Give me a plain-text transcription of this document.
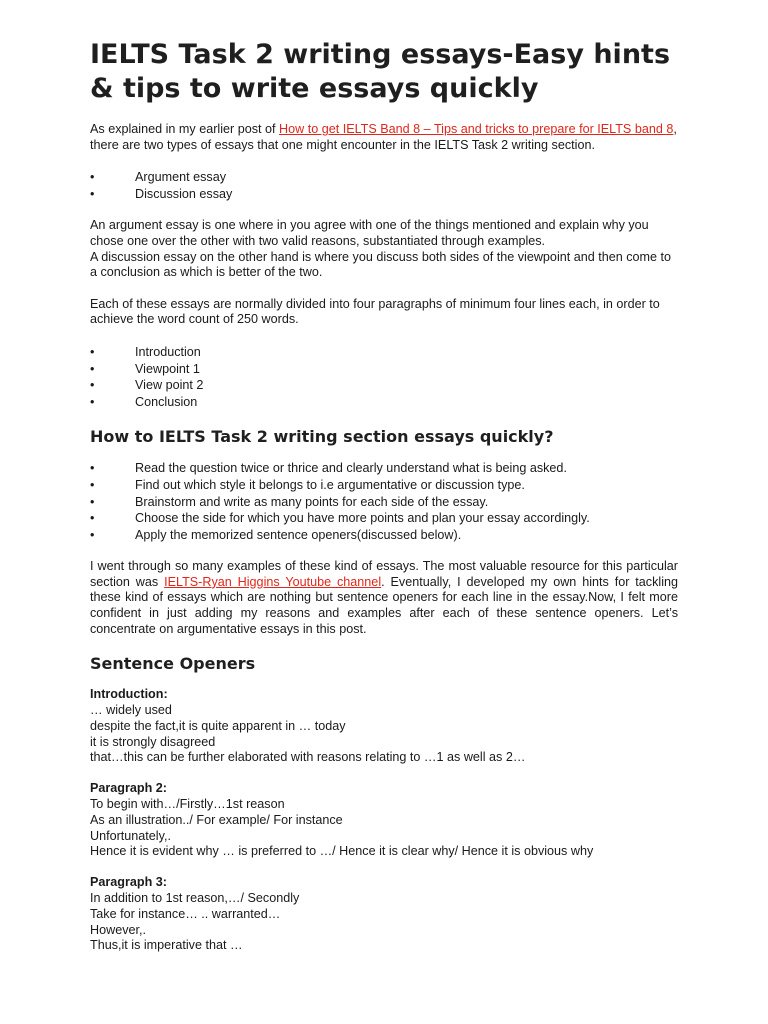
IELTS Task 2 writing essays-Easy hints & tips to write essays quickly

As explained in my earlier post of How to get IELTS Band 8 – Tips and tricks to prepare for IELTS band 8, there are two types of essays that one might encounter in the IELTS Task 2 writing section.

•	Argument essay
•	Discussion essay

An argument essay is one where in you agree with one of the things mentioned and explain why you chose one over the other with two valid reasons, substantiated through examples.
A discussion essay on the other hand is where you discuss both sides of the viewpoint and then come to a conclusion as which is better of the two.

Each of these essays are normally divided into four paragraphs of minimum four lines each, in order to achieve the word count of 250 words.

•	Introduction
•	Viewpoint 1
•	View point 2
•	Conclusion
How to IELTS Task 2 writing section essays quickly?
•	Read the question twice or thrice and clearly understand what is being asked.
•	Find out which style it belongs to i.e argumentative or discussion type.
•	Brainstorm and write as many points for each side of the essay.
•	Choose the side for which you have more points and plan your essay accordingly.
•	Apply the memorized sentence openers(discussed below).

I went through so many examples of these kind of essays. The most valuable resource for this particular section was IELTS-Ryan Higgins Youtube channel. Eventually, I developed my own hints for tackling these kind of essays which are nothing but sentence openers for each line in the essay.Now, I felt more confident in just adding my reasons and examples after each of these sentence openers. Let’s concentrate on argumentative essays in this post.

Sentence Openers
Introduction:
… widely used
despite the fact,it is quite apparent in … today
it is strongly disagreed
that…this can be further elaborated with reasons relating to …1 as well as 2…
Paragraph 2:
To begin with…/Firstly…1st reason
As an illustration../ For example/ For instance
Unfortunately,.
Hence it is evident why … is preferred to …/ Hence it is clear why/ Hence it is obvious why
Paragraph 3:
In addition to 1st reason,…/ Secondly
Take for instance… .. warranted…
However,.
Thus,it is imperative that …
